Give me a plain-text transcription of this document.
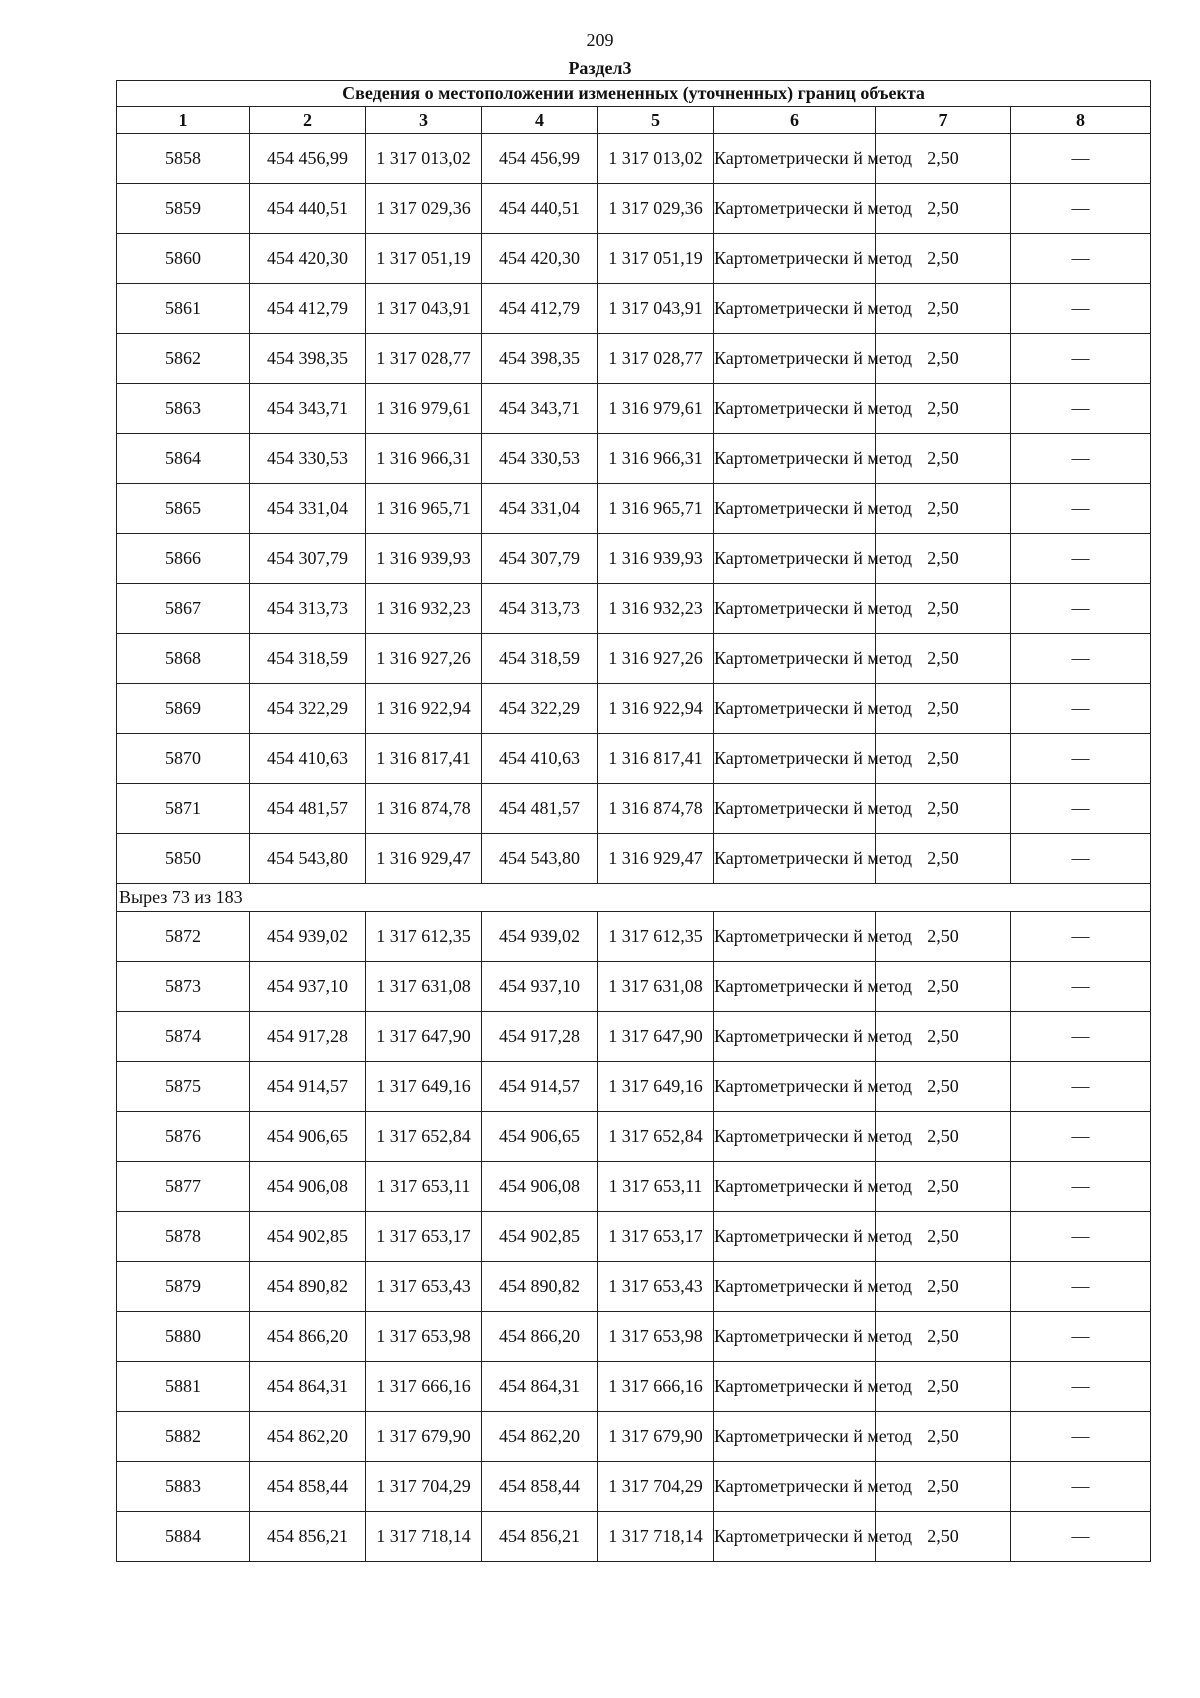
209
Раздел3
Сведения о местоположении измененных (уточненных) границ объекта							
1	2	3	4	5	6	7	8
5858	454 456,99	1 317 013,02	454 456,99	1 317 013,02	Картометрически й метод	2,50	—
5859	454 440,51	1 317 029,36	454 440,51	1 317 029,36	Картометрически й метод	2,50	—
5860	454 420,30	1 317 051,19	454 420,30	1 317 051,19	Картометрически й метод	2,50	—
5861	454 412,79	1 317 043,91	454 412,79	1 317 043,91	Картометрически й метод	2,50	—
5862	454 398,35	1 317 028,77	454 398,35	1 317 028,77	Картометрически й метод	2,50	—
5863	454 343,71	1 316 979,61	454 343,71	1 316 979,61	Картометрически й метод	2,50	—
5864	454 330,53	1 316 966,31	454 330,53	1 316 966,31	Картометрически й метод	2,50	—
5865	454 331,04	1 316 965,71	454 331,04	1 316 965,71	Картометрически й метод	2,50	—
5866	454 307,79	1 316 939,93	454 307,79	1 316 939,93	Картометрически й метод	2,50	—
5867	454 313,73	1 316 932,23	454 313,73	1 316 932,23	Картометрически й метод	2,50	—
5868	454 318,59	1 316 927,26	454 318,59	1 316 927,26	Картометрически й метод	2,50	—
5869	454 322,29	1 316 922,94	454 322,29	1 316 922,94	Картометрически й метод	2,50	—
5870	454 410,63	1 316 817,41	454 410,63	1 316 817,41	Картометрически й метод	2,50	—
5871	454 481,57	1 316 874,78	454 481,57	1 316 874,78	Картометрически й метод	2,50	—
5850	454 543,80	1 316 929,47	454 543,80	1 316 929,47	Картометрически й метод	2,50	—
Вырез 73 из 183							
5872	454 939,02	1 317 612,35	454 939,02	1 317 612,35	Картометрически й метод	2,50	—
5873	454 937,10	1 317 631,08	454 937,10	1 317 631,08	Картометрически й метод	2,50	—
5874	454 917,28	1 317 647,90	454 917,28	1 317 647,90	Картометрически й метод	2,50	—
5875	454 914,57	1 317 649,16	454 914,57	1 317 649,16	Картометрически й метод	2,50	—
5876	454 906,65	1 317 652,84	454 906,65	1 317 652,84	Картометрически й метод	2,50	—
5877	454 906,08	1 317 653,11	454 906,08	1 317 653,11	Картометрически й метод	2,50	—
5878	454 902,85	1 317 653,17	454 902,85	1 317 653,17	Картометрически й метод	2,50	—
5879	454 890,82	1 317 653,43	454 890,82	1 317 653,43	Картометрически й метод	2,50	—
5880	454 866,20	1 317 653,98	454 866,20	1 317 653,98	Картометрически й метод	2,50	—
5881	454 864,31	1 317 666,16	454 864,31	1 317 666,16	Картометрически й метод	2,50	—
5882	454 862,20	1 317 679,90	454 862,20	1 317 679,90	Картометрически й метод	2,50	—
5883	454 858,44	1 317 704,29	454 858,44	1 317 704,29	Картометрически й метод	2,50	—
5884	454 856,21	1 317 718,14	454 856,21	1 317 718,14	Картометрически й метод	2,50	—
